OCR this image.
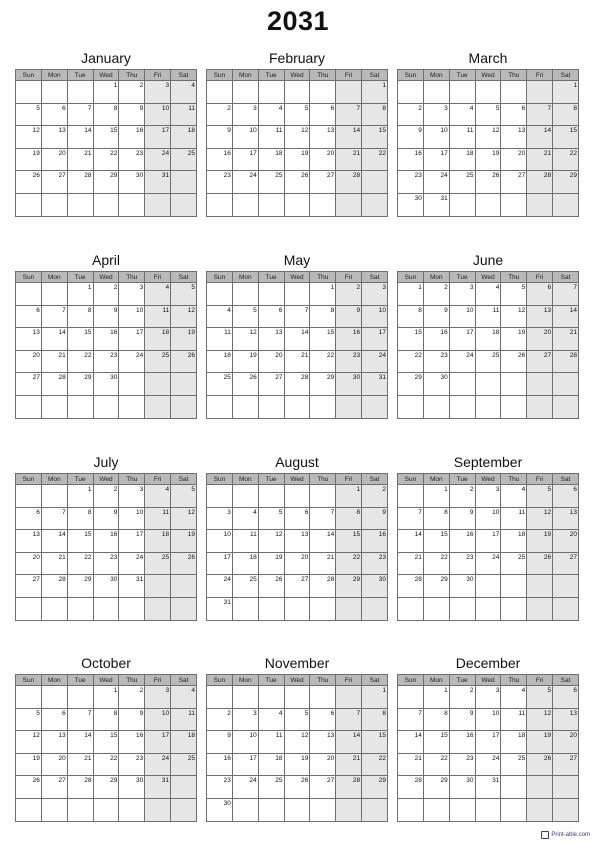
2031
January
Sun	Mon	Tue	Wed	Thu	Fri	Sat

			1	2	3	4

5	6	7	8	9	10	11

12	13	14	15	16	17	18

19	20	21	22	23	24	25

26	27	28	29	30	31	

February
Sun	Mon	Tue	Wed	Thu	Fri	Sat

						1

2	3	4	5	6	7	8

9	10	11	12	13	14	15

16	17	18	19	20	21	22

23	24	25	26	27	28	

March
Sun	Mon	Tue	Wed	Thu	Fri	Sat

						1

2	3	4	5	6	7	8

9	10	11	12	13	14	15

16	17	18	19	20	21	22

23	24	25	26	27	28	29

30	31					

April
Sun	Mon	Tue	Wed	Thu	Fri	Sat

		1	2	3	4	5

6	7	8	9	10	11	12

13	14	15	16	17	18	19

20	21	22	23	24	25	26

27	28	29	30			

May
Sun	Mon	Tue	Wed	Thu	Fri	Sat

				1	2	3

4	5	6	7	8	9	10

11	12	13	14	15	16	17

18	19	20	21	22	23	24

25	26	27	28	29	30	31

June
Sun	Mon	Tue	Wed	Thu	Fri	Sat

1	2	3	4	5	6	7

8	9	10	11	12	13	14

15	16	17	18	19	20	21

22	23	24	25	26	27	28

29	30					

July
Sun	Mon	Tue	Wed	Thu	Fri	Sat

		1	2	3	4	5

6	7	8	9	10	11	12

13	14	15	16	17	18	19

20	21	22	23	24	25	26

27	28	29	30	31		

August
Sun	Mon	Tue	Wed	Thu	Fri	Sat

					1	2

3	4	5	6	7	8	9

10	11	12	13	14	15	16

17	18	19	20	21	22	23

24	25	26	27	28	29	30

31						

September
Sun	Mon	Tue	Wed	Thu	Fri	Sat

	1	2	3	4	5	6

7	8	9	10	11	12	13

14	15	16	17	18	19	20

21	22	23	24	25	26	27

28	29	30				

October
Sun	Mon	Tue	Wed	Thu	Fri	Sat

			1	2	3	4

5	6	7	8	9	10	11

12	13	14	15	16	17	18

19	20	21	22	23	24	25

26	27	28	29	30	31	

November
Sun	Mon	Tue	Wed	Thu	Fri	Sat

						1

2	3	4	5	6	7	8

9	10	11	12	13	14	15

16	17	18	19	20	21	22

23	24	25	26	27	28	29

30						

December
Sun	Mon	Tue	Wed	Thu	Fri	Sat

	1	2	3	4	5	6

7	8	9	10	11	12	13

14	15	16	17	18	19	20

21	22	23	24	25	26	27

28	29	30	31			

Print-able.com
